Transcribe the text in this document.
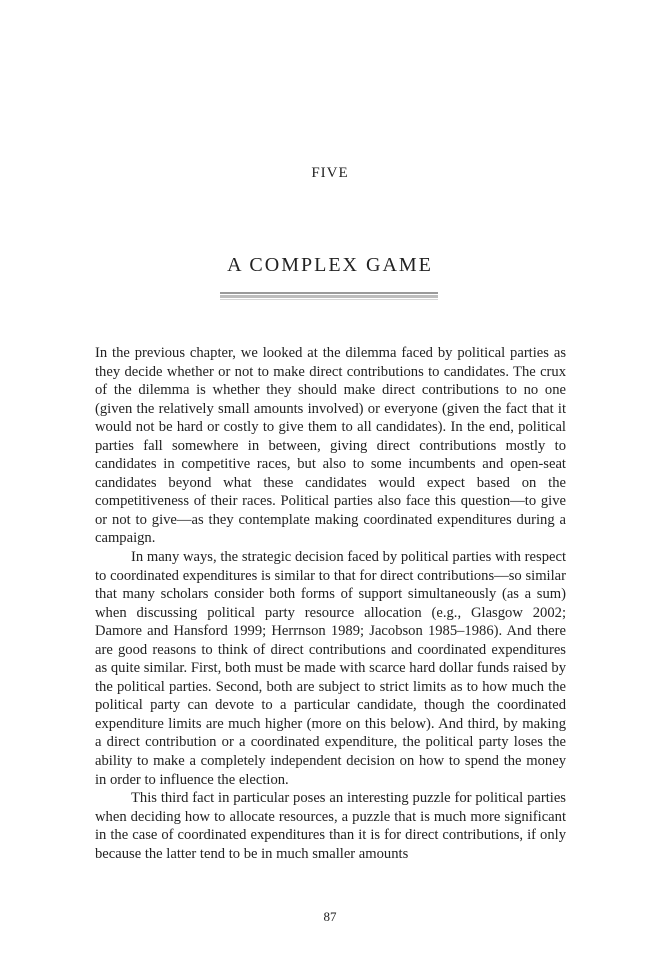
FIVE
A COMPLEX GAME

In the previous chapter, we looked at the dilemma faced by political parties as they decide whether or not to make direct contributions to candidates. The crux of the dilemma is whether they should make direct contributions to no one (given the relatively small amounts involved) or everyone (given the fact that it would not be hard or costly to give them to all candidates). In the end, political parties fall somewhere in between, giving direct contributions mostly to candidates in competitive races, but also to some incumbents and open-seat candidates beyond what these candidates would expect based on the competitiveness of their races. Political parties also face this question—to give or not to give—as they contemplate making coordinated expenditures during a campaign.

In many ways, the strategic decision faced by political parties with respect to coordinated expenditures is similar to that for direct contributions—so similar that many scholars consider both forms of support simultaneously (as a sum) when discussing political party resource allocation (e.g., Glasgow 2002; Damore and Hansford 1999; Herrnson 1989; Jacobson 1985–1986). And there are good reasons to think of direct contributions and coordinated expenditures as quite similar. First, both must be made with scarce hard dollar funds raised by the political parties. Second, both are subject to strict limits as to how much the political party can devote to a particular candidate, though the coordinated expenditure limits are much higher (more on this below). And third, by making a direct contribution or a coordinated expenditure, the political party loses the ability to make a completely independent decision on how to spend the money in order to influence the election.

This third fact in particular poses an interesting puzzle for political parties when deciding how to allocate resources, a puzzle that is much more significant in the case of coordinated expenditures than it is for direct contributions, if only because the latter tend to be in much smaller amounts

87
